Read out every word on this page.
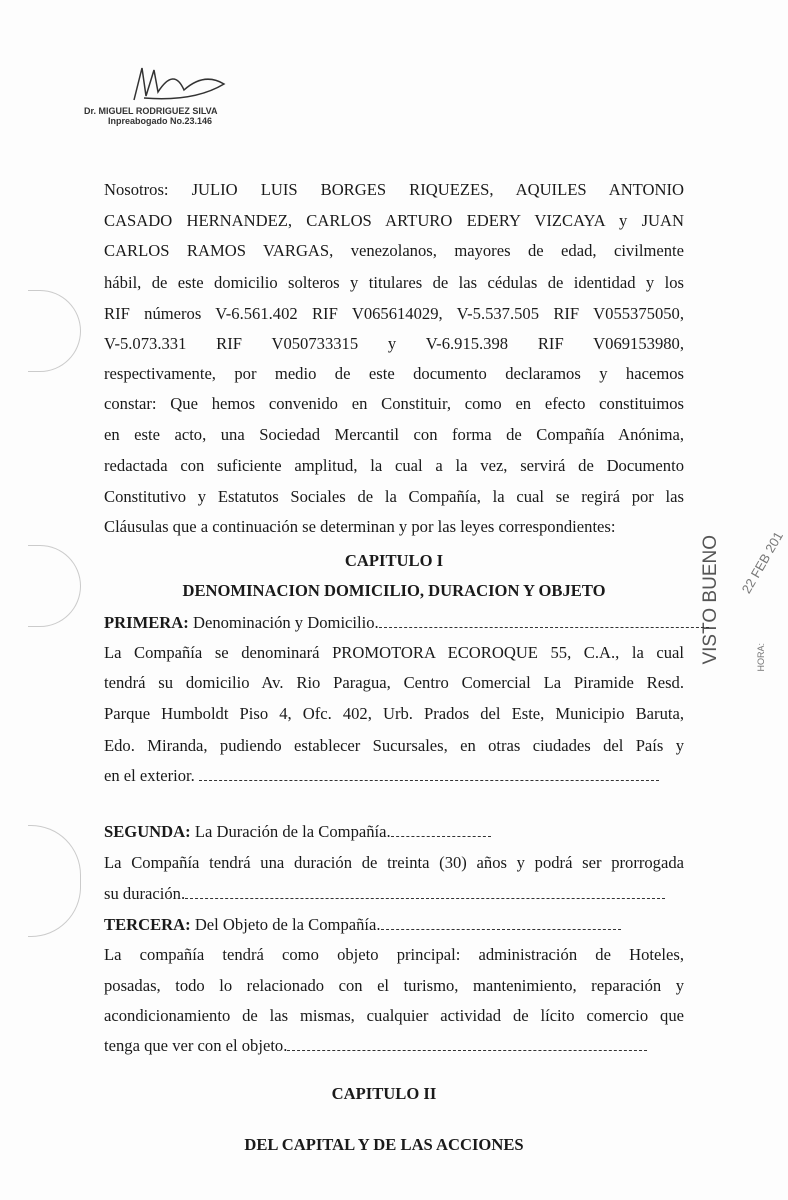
Dr. MIGUEL RODRIGUEZ SILVA
Inpreabogado No.23.146
VISTO BUENO 22 FEB 201
HORA:
Nosotros: JULIO LUIS BORGES RIQUEZES, AQUILES ANTONIO
CASADO HERNANDEZ, CARLOS ARTURO EDERY VIZCAYA y JUAN
CARLOS RAMOS VARGAS, venezolanos, mayores de edad, civilmente
hábil, de este domicilio solteros y titulares de las cédulas de identidad y los
RIF números V-6.561.402 RIF V065614029, V-5.537.505 RIF V055375050,
V-5.073.331 RIF V050733315 y V-6.915.398 RIF V069153980,
respectivamente, por medio de este documento declaramos y hacemos
constar: Que hemos convenido en Constituir, como en efecto constituimos
en este acto, una Sociedad Mercantil con forma de Compañía Anónima,
redactada con suficiente amplitud, la cual a la vez, servirá de Documento
Constitutivo y Estatutos Sociales de la Compañía, la cual se regirá por las
Cláusulas que a continuación se determinan y por las leyes correspondientes:
CAPITULO I
DENOMINACION DOMICILIO, DURACION Y OBJETO
PRIMERA: Denominación y Domicilio.
La Compañía se denominará PROMOTORA ECOROQUE 55, C.A., la cual
tendrá su domicilio Av. Rio Paragua, Centro Comercial La Piramide Resd.
Parque Humboldt Piso 4, Ofc. 402, Urb. Prados del Este, Municipio Baruta,
Edo. Miranda, pudiendo establecer Sucursales, en otras ciudades del País y
en el exterior.
SEGUNDA: La Duración de la Compañía.
La Compañía tendrá una duración de treinta (30) años y podrá ser prorrogada
su duración.
TERCERA: Del Objeto de la Compañía.
La compañía tendrá como objeto principal: administración de Hoteles,
posadas, todo lo relacionado con el turismo, mantenimiento, reparación y
acondicionamiento de las mismas, cualquier actividad de lícito comercio que
tenga que ver con el objeto.
CAPITULO II
DEL CAPITAL Y DE LAS ACCIONES
